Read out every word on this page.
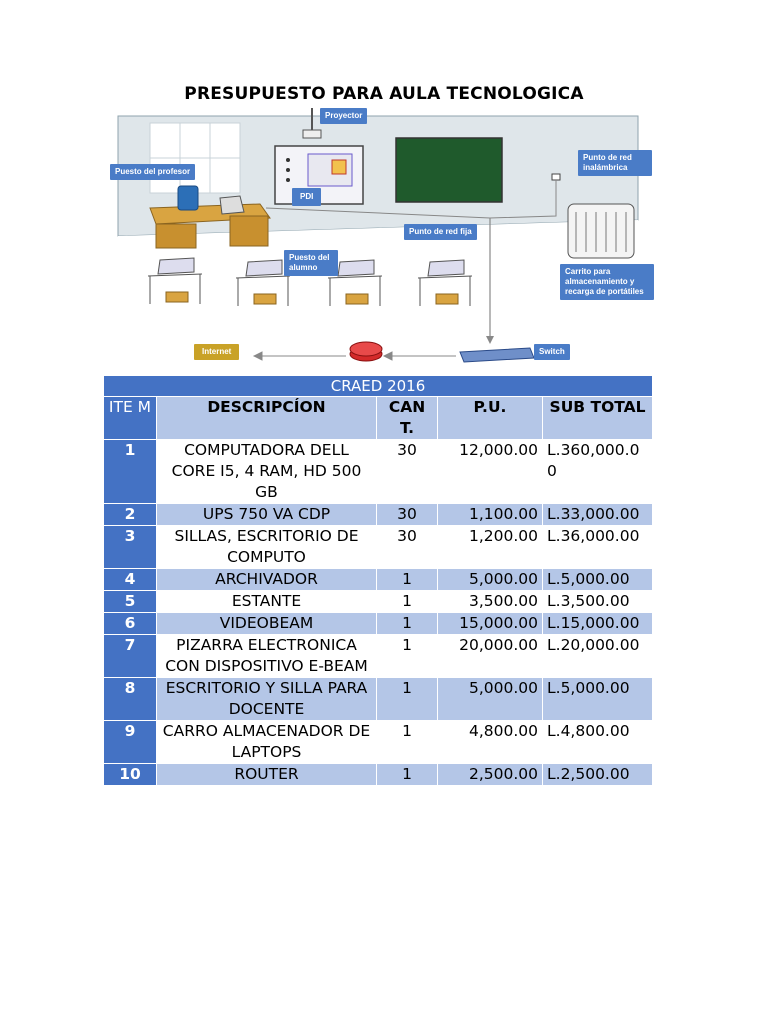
PRESUPUESTO PARA AULA TECNOLOGICA
Proyector
Puesto del profesor
PDI
Punto de red inalámbrica
Punto de red fija
Puesto del alumno	Carrito para almacenamiento y recarga de portátiles
Internet	Switch
CRAED 2016				
ITE M	DESCRIPCÍON	CAN T.	P.U.	SUB TOTAL
1	COMPUTADORA DELL CORE I5, 4 RAM, HD 500 GB	30	12,000.00	L.360,000.00
2	UPS 750 VA CDP	30	1,100.00	L.33,000.00
3	SILLAS, ESCRITORIO DE COMPUTO	30	1,200.00	L.36,000.00
4	ARCHIVADOR	1	5,000.00	L.5,000.00
5	ESTANTE	1	3,500.00	L.3,500.00
6	VIDEOBEAM	1	15,000.00	L.15,000.00
7	PIZARRA ELECTRONICA CON DISPOSITIVO E-BEAM	1	20,000.00	L.20,000.00
8	ESCRITORIO Y SILLA PARA DOCENTE	1	5,000.00	L.5,000.00
9	CARRO ALMACENADOR DE LAPTOPS	1	4,800.00	L.4,800.00
10	ROUTER	1	2,500.00	L.2,500.00
